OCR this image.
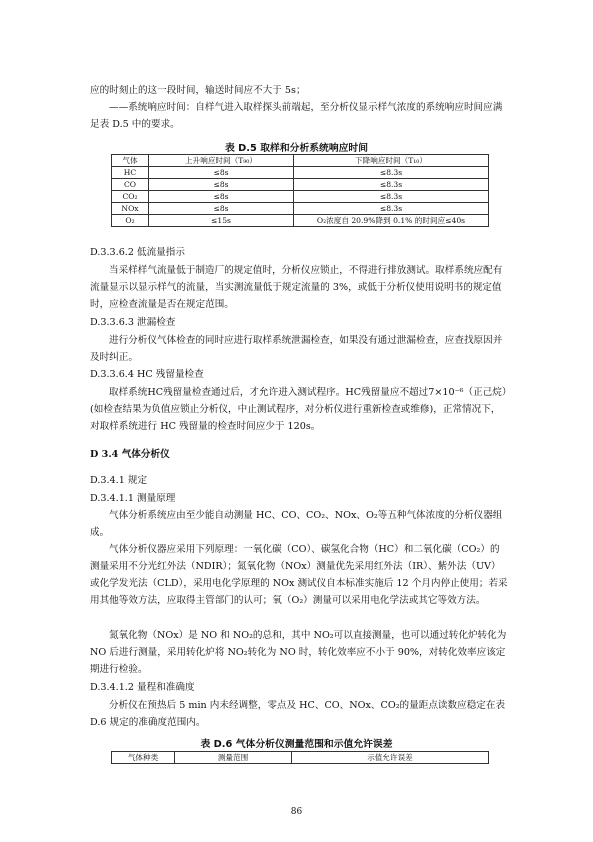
应的时刻止的这一段时间，输送时间应不大于 5s；

——系统响应时间：自样气进入取样探头前端起，至分析仪显示样气浓度的系统响应时间应满足表 D.5 中的要求。

表 D.5 取样和分析系统响应时间

气体	上升响应时间（T₉₀）	下降响应时间（T₁₀）
HC	≤8s	≤8.3s
CO	≤8s	≤8.3s
CO₂	≤8s	≤8.3s
NOx	≤8s	≤8.3s
O₂	≤15s	O₂浓度自 20.9%降到 0.1% 的时间应≤40s

D.3.3.6.2 低流量指示

当采样样气流量低于制造厂的规定值时，分析仪应锁止，不得进行排放测试。取样系统应配有流量显示以显示样气的流量，当实测流量低于规定流量的 3%，或低于分析仪使用说明书的规定值时，应检查流量是否在规定范围。

D.3.3.6.3 泄漏检查

进行分析仪气体检查的同时应进行取样系统泄漏检查，如果没有通过泄漏检查，应查找原因并及时纠正。

D.3.3.6.4 HC 残留量检查

取样系统HC残留量检查通过后，才允许进入测试程序。HC残留量应不超过7×10⁻⁶（正己烷）(如检查结果为负值应锁止分析仪，中止测试程序，对分析仪进行重新检查或维修)，正常情况下，对取样系统进行 HC 残留量的检查时间应少于 120s。

D 3.4 气体分析仪

D.3.4.1 规定

D.3.4.1.1 测量原理

气体分析系统应由至少能自动测量 HC、CO、CO₂、NOx、O₂等五种气体浓度的分析仪器组成。

气体分析仪器应采用下列原理：一氧化碳（CO）、碳氢化合物（HC）和二氧化碳（CO₂）的测量采用不分光红外法（NDIR）；氮氧化物（NOx）测量优先采用红外法（IR）、紫外法（UV）或化学发光法（CLD），采用电化学原理的 NOx 测试仪自本标准实施后 12 个月内停止使用；若采用其他等效方法，应取得主管部门的认可；氧（O₂）测量可以采用电化学法或其它等效方法。

氮氧化物（NOx）是 NO 和 NO₂的总和，其中 NO₂可以直接测量，也可以通过转化炉转化为 NO 后进行测量，采用转化炉将 NO₂转化为 NO 时，转化效率应不小于 90%，对转化效率应该定期进行检验。

D.3.4.1.2 量程和准确度

分析仪在预热后 5 min 内未经调整，零点及 HC、CO、NOx、CO₂的量距点读数应稳定在表 D.6 规定的准确度范围内。

表 D.6 气体分析仪测量范围和示值允许误差

气体种类	测量范围	示值允许误差
86
